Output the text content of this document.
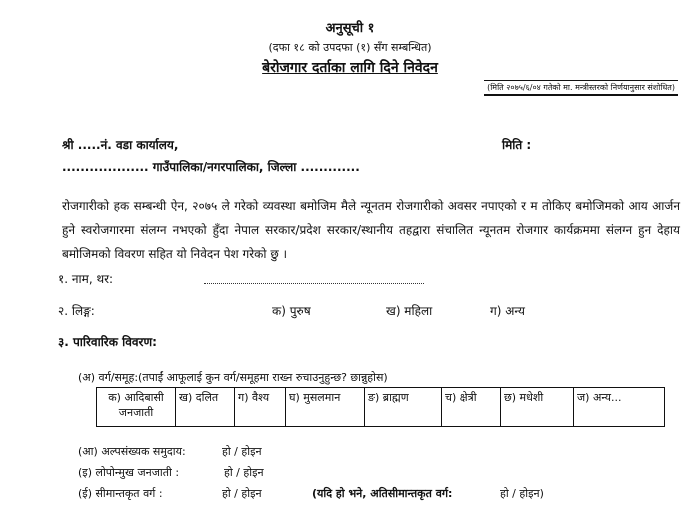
अनुसूची १
(दफा १८ को उपदफा (१) सँग सम्बन्धित)
बेरोजगार दर्ताका लागि दिने निवेदन
(मिति २०७५/६/०४ गतेको मा. मन्त्रीस्तरको निर्णयानुसार संशोधित)
श्री .....नं. वडा कार्यालय,	मिति :
................... गाउँपालिका/नगरपालिका, जिल्ला .............
रोजगारीको हक सम्बन्धी ऐन, २०७५ ले गरेको व्यवस्था बमोजिम मैले न्यूनतम रोजगारीको अवसर नपाएको र म तोकिए बमोजिमको आय आर्जन हुने स्वरोजगारमा संलग्न नभएको हुँदा नेपाल सरकार/प्रदेश सरकार/स्थानीय तहद्वारा संचालित न्यूनतम रोजगार कार्यक्रममा संलग्न हुन देहाय बमोजिमको विवरण सहित यो निवेदन पेश गरेको छु ।
१. नाम, थर:
२. लिङ्ग:	क) पुरुष	ख) महिला	ग) अन्य
३. पारिवारिक विवरण:
(अ) वर्ग/समूह:(तपाईं आफूलाई कुन वर्ग/समूहमा राख्न रुचाउनुहुन्छ? छान्नुहोस)
क) आदिबासी जनजाती	ख) दलित	ग) वैश्य	घ) मुसलमान	ङ) ब्राह्मण	च) क्षेत्री	छ) मधेशी	ज) अन्य...
(आ) अल्पसंख्यक समुदाय:	हो / होइन
(इ) लोपोन्मुख जनजाती :	हो / होइन
(ई) सीमान्तकृत वर्ग :	हो / होइन	(यदि हो भने, अतिसीमान्तकृत वर्ग:	हो / होइन)
